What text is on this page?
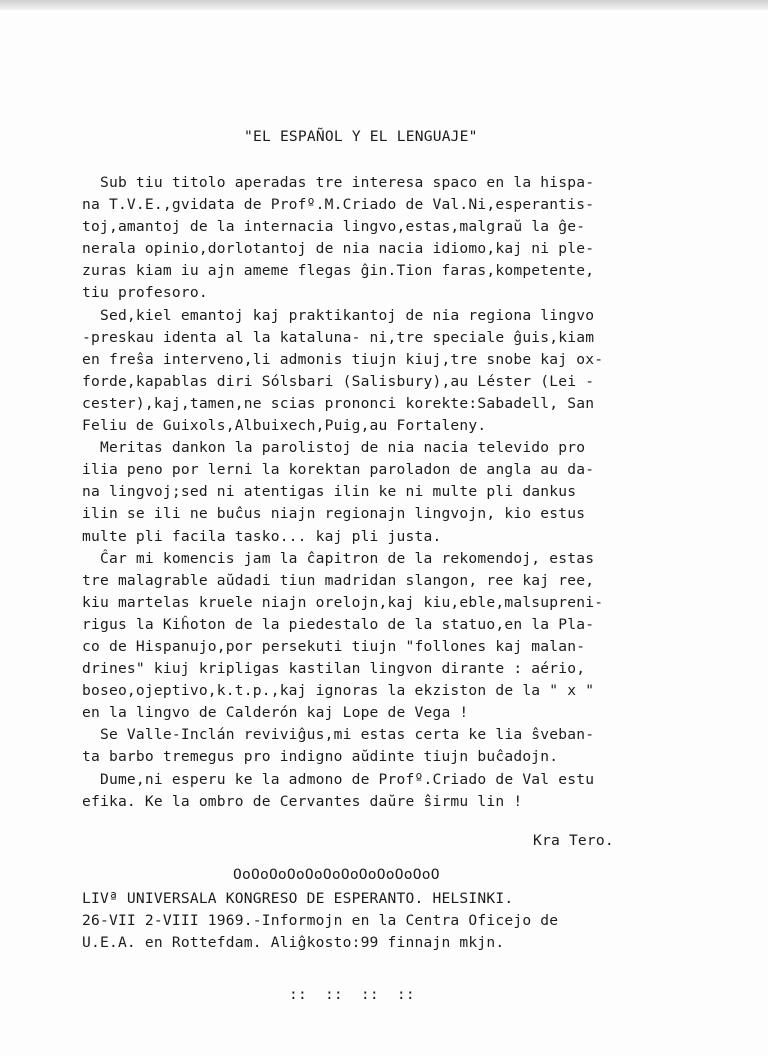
"EL ESPAÑOL Y EL LENGUAJE"
Sub tiu titolo aperadas tre interesa spaco en la hispa-
na T.V.E.,gvidata de Profº.M.Criado de Val.Ni,esperantis-
toj,amantoj de la internacia lingvo,estas,malgraŭ la ĝe-
nerala opinio,dorlotantoj de nia nacia idiomo,kaj ni ple-
zuras kiam iu ajn ameme flegas ĝin.Tion faras,kompetente,
tiu profesoro.
Sed,kiel emantoj kaj praktikantoj de nia regiona lingvo
-preskau identa al la kataluna- ni,tre speciale ĝuis,kiam
en freŝa interveno,li admonis tiujn kiuj,tre snobe kaj ox-
forde,kapablas diri Sólsbari (Salisbury),au Léster (Lei -
cester),kaj,tamen,ne scias prononci korekte:Sabadell, San
Feliu de Guixols,Albuixech,Puig,au Fortaleny.
Meritas dankon la parolistoj de nia nacia televido pro
ilia peno por lerni la korektan paroladon de angla au da-
na lingvoj;sed ni atentigas ilin ke ni multe pli dankus
ilin se ili ne buĉus niajn regionajn lingvojn, kio estus
multe pli facila tasko... kaj pli justa.
Ĉar mi komencis jam la ĉapitron de la rekomendoj, estas
tre malagrable aŭdadi tiun madridan slangon, ree kaj ree,
kiu martelas kruele niajn orelojn,kaj kiu,eble,malsupreni-
rigus la Kiĥoton de la piedestalo de la statuo,en la Pla-
co de Hispanujo,por persekuti tiujn "follones kaj malan-
drines" kiuj kripligas kastilan lingvon dirante : aério,
boseo,ojeptivo,k.t.p.,kaj ignoras la ekziston de la " x "
en la lingvo de Calderón kaj Lope de Vega !
Se Valle-Inclán reviviĝus,mi estas certa ke lia ŝveban-
ta barbo tremegus pro indigno aŭdinte tiujn buĉadojn.
Dume,ni esperu ke la admono de Profº.Criado de Val estu
efika. Ke la ombro de Cervantes daŭre ŝirmu lin !
Kra Tero.
OoOoOoOoOoOoOoOoOoOoOoO
LIVª UNIVERSALA KONGRESO DE ESPERANTO. HELSINKI.
26-VII 2-VIII 1969.-Informojn en la Centra Oficejo de
U.E.A. en Rottefdam. Aliĝkosto:99 finnajn mkjn.
::  ::  ::  ::
